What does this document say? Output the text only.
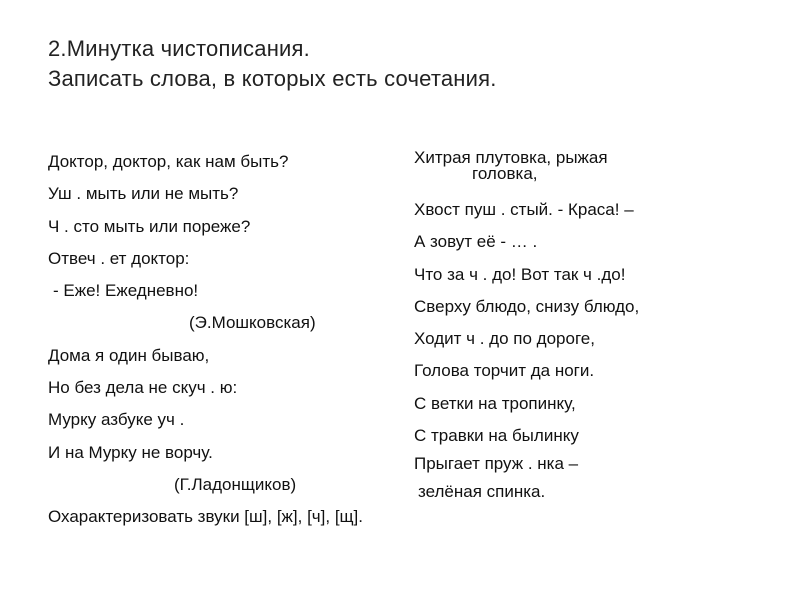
2.Минутка чистописания.
Записать слова, в которых есть сочетания.
Доктор, доктор, как нам быть?
Уш . мыть или не мыть?
Ч . сто мыть или пореже?
Отвеч . ет доктор:
- Еже! Ежедневно!
(Э.Мошковская)
Дома я один бываю,
Но без дела не скуч . ю:
Мурку азбуке уч .
И на Мурку не ворчу.
(Г.Ладонщиков)
Охарактеризовать звуки [ш], [ж], [ч], [щ].
Хитрая плутовка, рыжая
головка,
Хвост пуш . стый. - Краса! –
А зовут её - … .
Что за ч . до! Вот так ч .до!
Сверху блюдо, снизу блюдо,
Ходит ч . до по дороге,
Голова торчит да ноги.
С ветки на тропинку,
С травки на былинку
Прыгает пруж . нка –
зелёная спинка.
